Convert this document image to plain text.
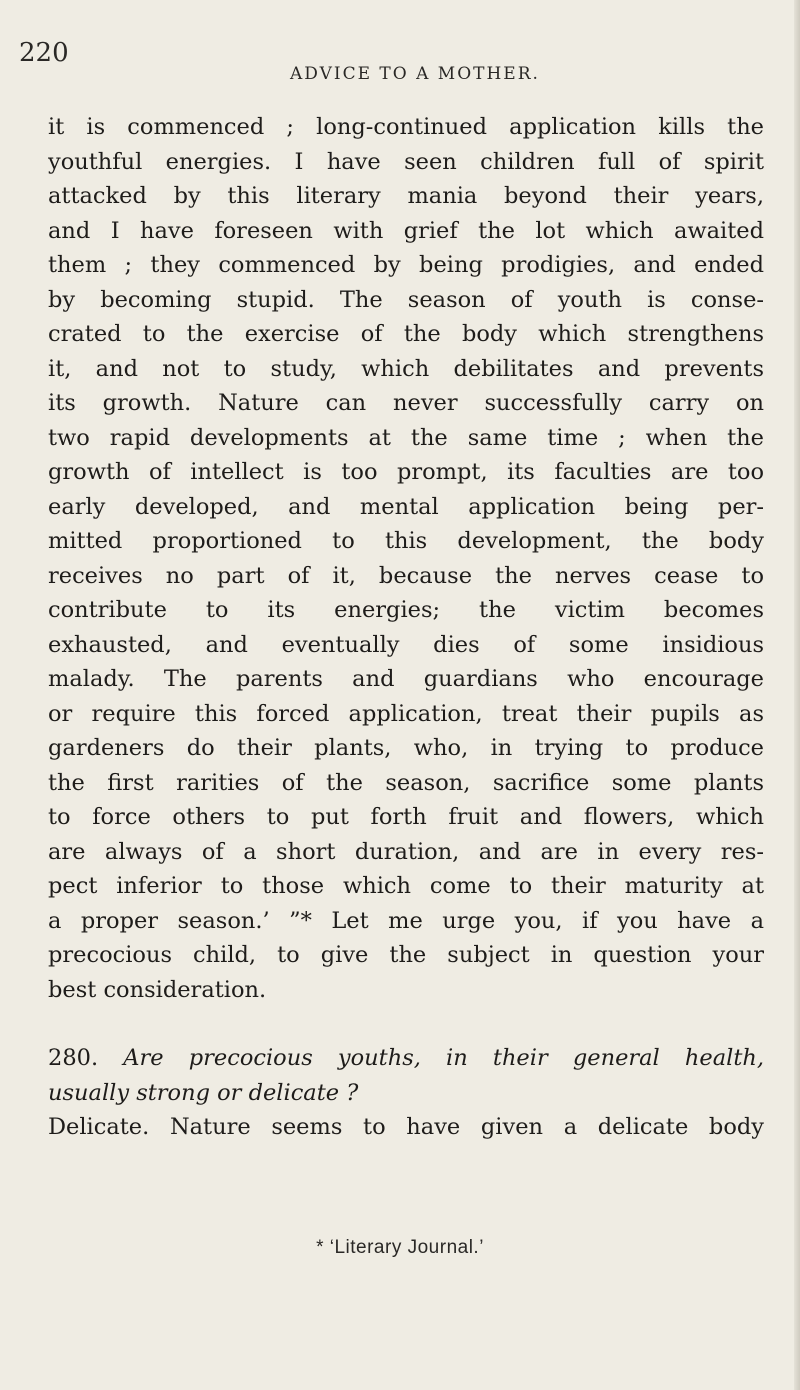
220
ADVICE TO A MOTHER.
it is commenced ; long-continued application kills the
youthful energies. I have seen children full of spirit
attacked by this literary mania beyond their years,
and I have foreseen with grief the lot which awaited
them ; they commenced by being prodigies, and ended
by becoming stupid. The season of youth is conse-
crated to the exercise of the body which strengthens
it, and not to study, which debilitates and prevents
its growth. Nature can never successfully carry on
two rapid developments at the same time ; when the
growth of intellect is too prompt, its faculties are too
early developed, and mental application being per-
mitted proportioned to this development, the body
receives no part of it, because the nerves cease to
contribute to its energies; the victim becomes
exhausted, and eventually dies of some insidious
malady. The parents and guardians who encourage
or require this forced application, treat their pupils as
gardeners do their plants, who, in trying to produce
the first rarities of the season, sacrifice some plants
to force others to put forth fruit and flowers, which
are always of a short duration, and are in every res-
pect inferior to those which come to their maturity at
a proper season.’ ”* Let me urge you, if you have a
precocious child, to give the subject in question your
best consideration.
280. Are precocious youths, in their general health,
usually strong or delicate ?
Delicate. Nature seems to have given a delicate body
* ‘Literary Journal.’
